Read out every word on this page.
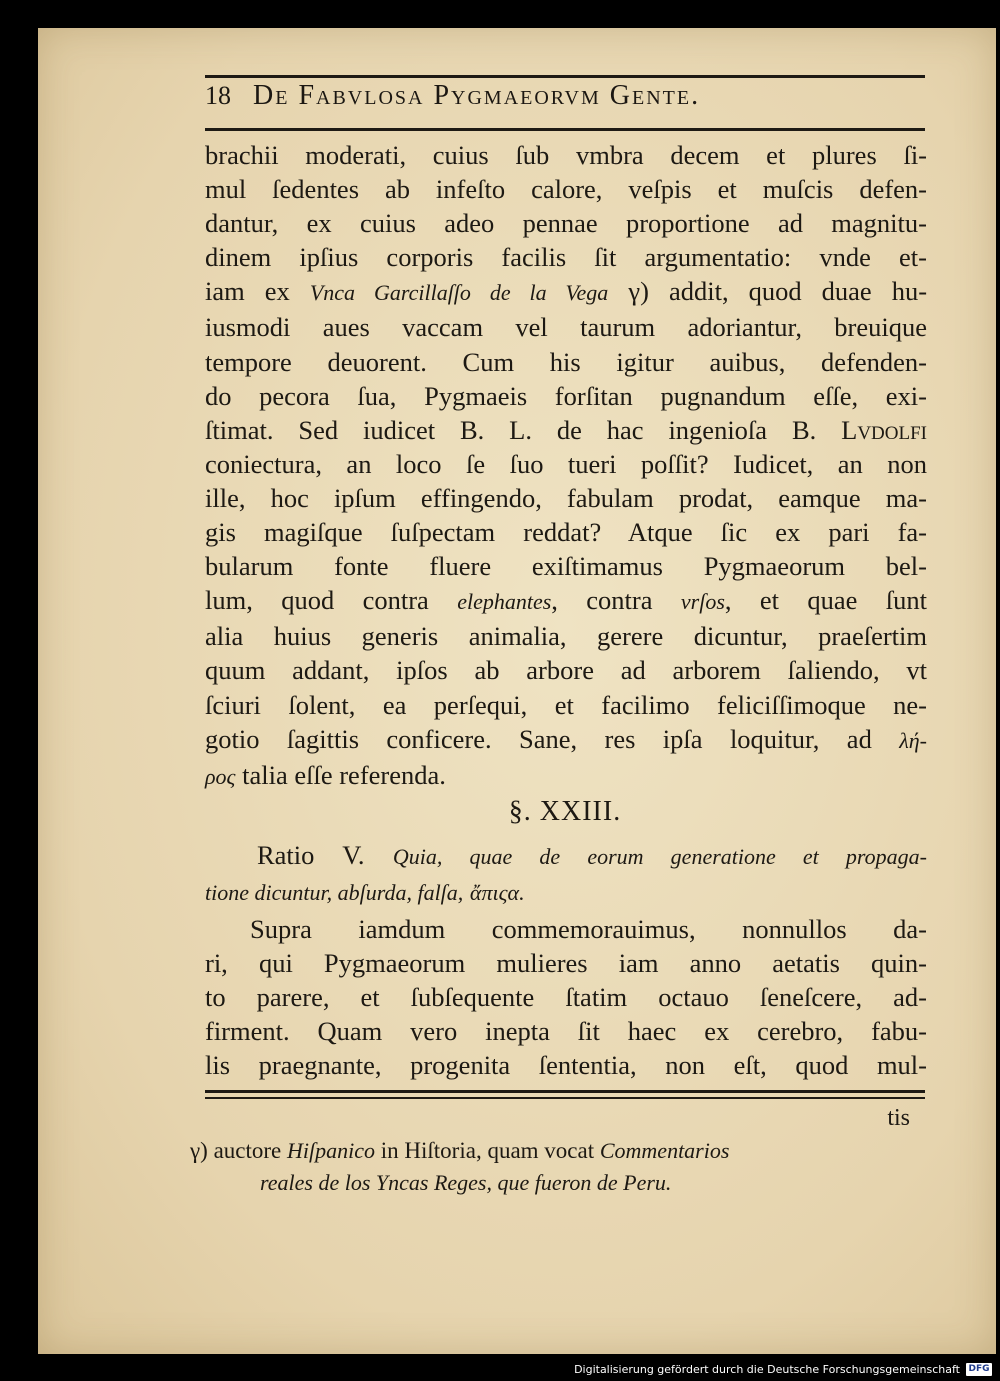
18 De Fabvlosa Pygmaeorvm Gente.
brachii moderati, cuius ſub vmbra decem et plures ſi-
mul ſedentes ab infeſto calore, veſpis et muſcis defen-
dantur, ex cuius adeo pennae proportione ad magnitu-
dinem ipſius corporis facilis ſit argumentatio: vnde et-
iam ex Vnca Garcillaſſo de la Vega γ) addit, quod duae hu-
iusmodi aues vaccam vel taurum adoriantur, breuique
tempore deuorent. Cum his igitur auibus, defenden-
do pecora ſua, Pygmaeis forſitan pugnandum eſſe, exi-
ſtimat. Sed iudicet B. L. de hac ingenioſa B. Lvdolfi
coniectura, an loco ſe ſuo tueri poſſit? Iudicet, an non
ille, hoc ipſum effingendo, fabulam prodat, eamque ma-
gis magiſque ſuſpectam reddat? Atque ſic ex pari fa-
bularum fonte fluere exiſtimamus Pygmaeorum bel-
lum, quod contra elephantes, contra vrſos, et quae ſunt
alia huius generis animalia, gerere dicuntur, praeſertim
quum addant, ipſos ab arbore ad arborem ſaliendo, vt
ſciuri ſolent, ea perſequi, et facilimo feliciſſimoque ne-
gotio ſagittis conficere. Sane, res ipſa loquitur, ad λή-
ρος talia eſſe referenda.
§. XXIII.
Ratio V. Quia, quae de eorum generatione et propaga-
tione dicuntur, abſurda, falſa, ἄπιςα.
Supra iamdum commemorauimus, nonnullos da-
ri, qui Pygmaeorum mulieres iam anno aetatis quin-
to parere, et ſubſequente ſtatim octauo ſeneſcere, ad-
firment. Quam vero inepta ſit haec ex cerebro, fabu-
lis praegnante, progenita ſententia, non eſt, quod mul-
tis
γ) auctore Hiſpanico in Hiſtoria, quam vocat Commentarios
reales de los Yncas Reges, que fueron de Peru.
Digitalisierung gefördert durch die Deutsche Forschungsgemeinschaft DFG
